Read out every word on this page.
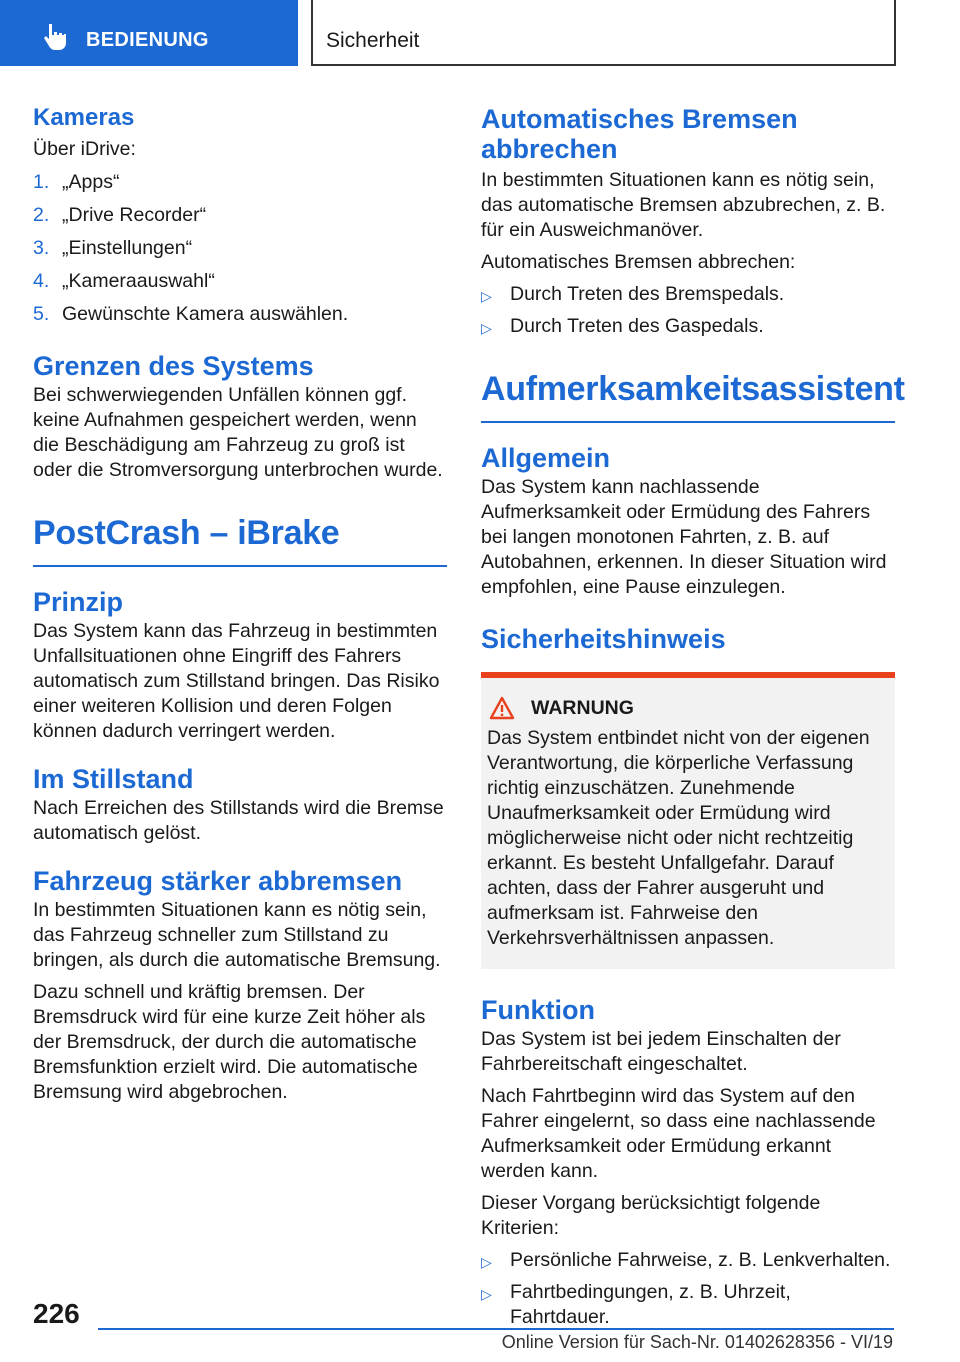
BEDIENUNG	Sicherheit
Kameras

Über iDrive:

1. „Apps“
2. „Drive Recorder“
3. „Einstellungen“
4. „Kameraauswahl“
5. Gewünschte Kamera auswählen.
Grenzen des Systems

Bei schwerwiegenden Unfällen können ggf. keine Aufnahmen gespeichert werden, wenn die Beschädigung am Fahrzeug zu groß ist oder die Stromversorgung unterbrochen wurde.

PostCrash – iBrake
Prinzip

Das System kann das Fahrzeug in bestimmten Unfallsituationen ohne Eingriff des Fahrers automatisch zum Stillstand bringen. Das Risiko einer weiteren Kollision und deren Folgen können dadurch verringert werden.

Im Stillstand

Nach Erreichen des Stillstands wird die Bremse automatisch gelöst.

Fahrzeug stärker abbremsen

In bestimmten Situationen kann es nötig sein, das Fahrzeug schneller zum Stillstand zu bringen, als durch die automatische Bremsung.

Dazu schnell und kräftig bremsen. Der Bremsdruck wird für eine kurze Zeit höher als der Bremsdruck, der durch die automatische Bremsfunktion erzielt wird. Die automatische Bremsung wird abgebrochen.

Automatisches Bremsen abbrechen

In bestimmten Situationen kann es nötig sein, das automatische Bremsen abzubrechen, z. B. für ein Ausweichmanöver.

Automatisches Bremsen abbrechen:

▷ Durch Treten des Bremspedals.
▷ Durch Treten des Gaspedals.
Aufmerksamkeitsassistent
Allgemein

Das System kann nachlassende Aufmerksamkeit oder Ermüdung des Fahrers bei langen monotonen Fahrten, z. B. auf Autobahnen, erkennen. In dieser Situation wird empfohlen, eine Pause einzulegen.

Sicherheitshinweis
WARNUNG

Das System entbindet nicht von der eigenen Verantwortung, die körperliche Verfassung richtig einzuschätzen. Zunehmende Unaufmerksamkeit oder Ermüdung wird möglicherweise nicht oder nicht rechtzeitig erkannt. Es besteht Unfallgefahr. Darauf achten, dass der Fahrer ausgeruht und aufmerksam ist. Fahrweise den Verkehrsverhältnissen anpassen.

Funktion

Das System ist bei jedem Einschalten der Fahrbereitschaft eingeschaltet.

Nach Fahrtbeginn wird das System auf den Fahrer eingelernt, so dass eine nachlassende Aufmerksamkeit oder Ermüdung erkannt werden kann.

Dieser Vorgang berücksichtigt folgende Kriterien:

▷ Persönliche Fahrweise, z. B. Lenkverhalten.
▷ Fahrtbedingungen, z. B. Uhrzeit, Fahrtdauer.
226
Online Version für Sach-Nr. 01402628356 - VI/19
